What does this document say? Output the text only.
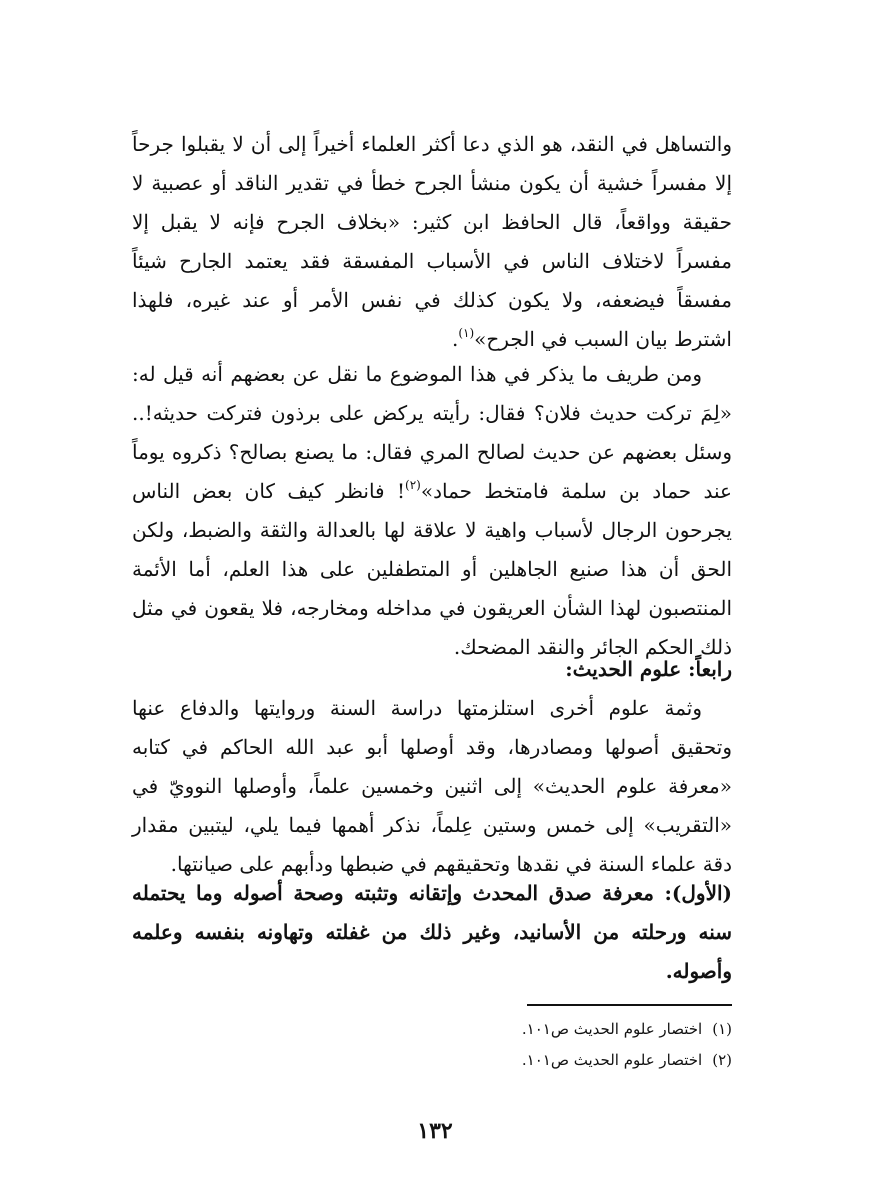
والتساهل في النقد، هو الذي دعا أكثر العلماء أخيراً إلى أن لا يقبلوا جرحاً إلا مفسراً خشية أن يكون منشأ الجرح خطأ في تقدير الناقد أو عصبية لا حقيقة وواقعاً، قال الحافظ ابن كثير: «بخلاف الجرح فإنه لا يقبل إلا مفسراً لاختلاف الناس في الأسباب المفسقة فقد يعتمد الجارح شيئاً مفسقاً فيضعفه، ولا يكون كذلك في نفس الأمر أو عند غيره، فلهذا اشترط بيان السبب في الجرح»$^{(١)}$.
ومن طريف ما يذكر في هذا الموضوع ما نقل عن بعضهم أنه قيل له: «لِمَ تركت حديث فلان؟ فقال: رأيته يركض على برذون فتركت حديثه!.. وسئل بعضهم عن حديث لصالح المري فقال: ما يصنع بصالح؟ ذكروه يوماً عند حماد بن سلمة فامتخط حماد»$^{(٢)}$! فانظر كيف كان بعض الناس يجرحون الرجال لأسباب واهية لا علاقة لها بالعدالة والثقة والضبط، ولكن الحق أن هذا صنيع الجاهلين أو المتطفلين على هذا العلم، أما الأئمة المنتصبون لهذا الشأن العريقون في مداخله ومخارجه، فلا يقعون في مثل ذلك الحكم الجائر والنقد المضحك.
رابعاً: علوم الحديث:
وثمة علوم أخرى استلزمتها دراسة السنة وروايتها والدفاع عنها وتحقيق أصولها ومصادرها، وقد أوصلها أبو عبد الله الحاكم في كتابه «معرفة علوم الحديث» إلى اثنين وخمسين علماً، وأوصلها النوويّ في «التقريب» إلى خمس وستين عِلماً، نذكر أهمها فيما يلي، ليتبين مقدار دقة علماء السنة في نقدها وتحقيقهم في ضبطها ودأبهم على صيانتها.
(الأول): معرفة صدق المحدث وإتقانه وتثبته وصحة أصوله وما يحتمله سنه ورحلته من الأسانيد، وغير ذلك من غفلته وتهاونه بنفسه وعلمه وأصوله.
(١)اختصار علوم الحديث ص١٠١.
(٢)اختصار علوم الحديث ص١٠١.
١٣٢
